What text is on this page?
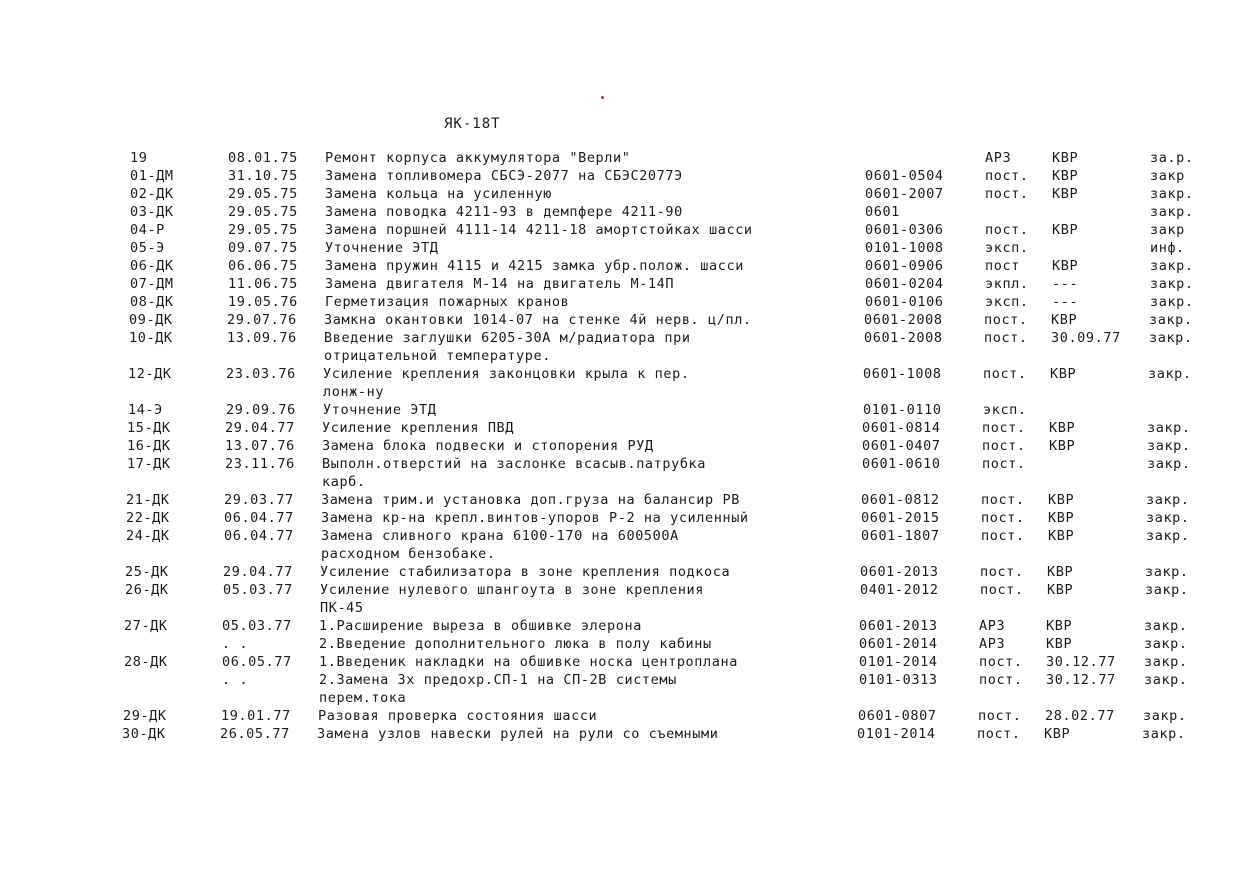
ЯК-18Т
19	08.01.75 Ремонт корпуса аккумулятора "Верли"	АРЗ	КВР	за.р.
01-ДМ	31.10.75 Замена топливомера СБСЭ-2077 на СБЭС2077Э	0601-0504	пост. КВР	закр
02-ДК	29.05.75 Замена кольца на усиленную	0601-2007	пост. КВР	закр.
03-ДК	29.05.75 Замена поводка 4211-93 в демпфере 4211-90	0601	закр.
04-Р	29.05.75 Замена поршней 4111-14 4211-18 амортстойках шасси	0601-0306	пост. КВР	закр
05-Э	09.07.75 Уточнение ЭТД	0101-1008	эксп.	инф.
06-ДК	06.06.75 Замена пружин 4115 и 4215 замка убр.полож. шасси	0601-0906	пост КВР	закр.
07-ДМ	11.06.75 Замена двигателя М-14 на двигатель М-14П	0601-0204	экпл. ---	закр.
08-ДК	19.05.76 Герметизация пожарных кранов	0601-0106	эксп. ---	закр.
09-ДК	29.07.76 Замкна окантовки 1014-07 на стенке 4й нерв. ц/пл.	0601-2008	пост. КВР	закр.
10-ДК	13.09.76 Введение заглушки 6205-30А м/радиатора при	0601-2008	пост. 30.09.77 закр.
отрицательной температуре.
12-ДК	23.03.76 Усиление крепления законцовки крыла к пер.	0601-1008	пост. КВР	закр.
лонж-ну
14-Э	29.09.76 Уточнение ЭТД	0101-0110	эксп.
15-ДК	29.04.77 Усиление крепления ПВД	0601-0814	пост. КВР	закр.
16-ДК	13.07.76 Замена блока подвески и стопорения РУД	0601-0407	пост. КВР	закр.
17-ДК	23.11.76 Выполн.отверстий на заслонке всасыв.патрубка	0601-0610	пост.	закр.
карб.
21-ДК	29.03.77 Замена трим.и установка доп.груза на балансир РВ	0601-0812	пост. КВР	закр.
22-ДК	06.04.77 Замена кр-на крепл.винтов-упоров Р-2 на усиленный	0601-2015	пост. КВР	закр.
24-ДК	06.04.77 Замена сливного крана 6100-170 на 600500А	0601-1807	пост. КВР	закр.
расходном бензобаке.
25-ДК	29.04.77 Усиление стабилизатора в зоне крепления подкоса	0601-2013	пост. КВР	закр.
26-ДК	05.03.77 Усиление нулевого шпангоута в зоне крепления	0401-2012	пост. КВР	закр.
ПК-45
27-ДК	05.03.77 1.Расширение выреза в обшивке элерона	0601-2013	АРЗ	КВР	закр.
. .	2.Введение дополнительного люка в полу кабины	0601-2014	АРЗ	КВР	закр.
28-ДК	06.05.77 1.Введеник накладки на обшивке носка центроплана	0101-2014	пост. 30.12.77 закр.
. .	2.Замена 3х предохр.СП-1 на СП-2В системы	0101-0313	пост. 30.12.77 закр.
перем.тока
29-ДК	19.01.77 Разовая проверка состояния шасси	0601-0807	пост. 28.02.77 закр.
30-ДК	26.05.77 Замена узлов навески рулей на рули со съемными	0101-2014	пост. КВР	закр.
